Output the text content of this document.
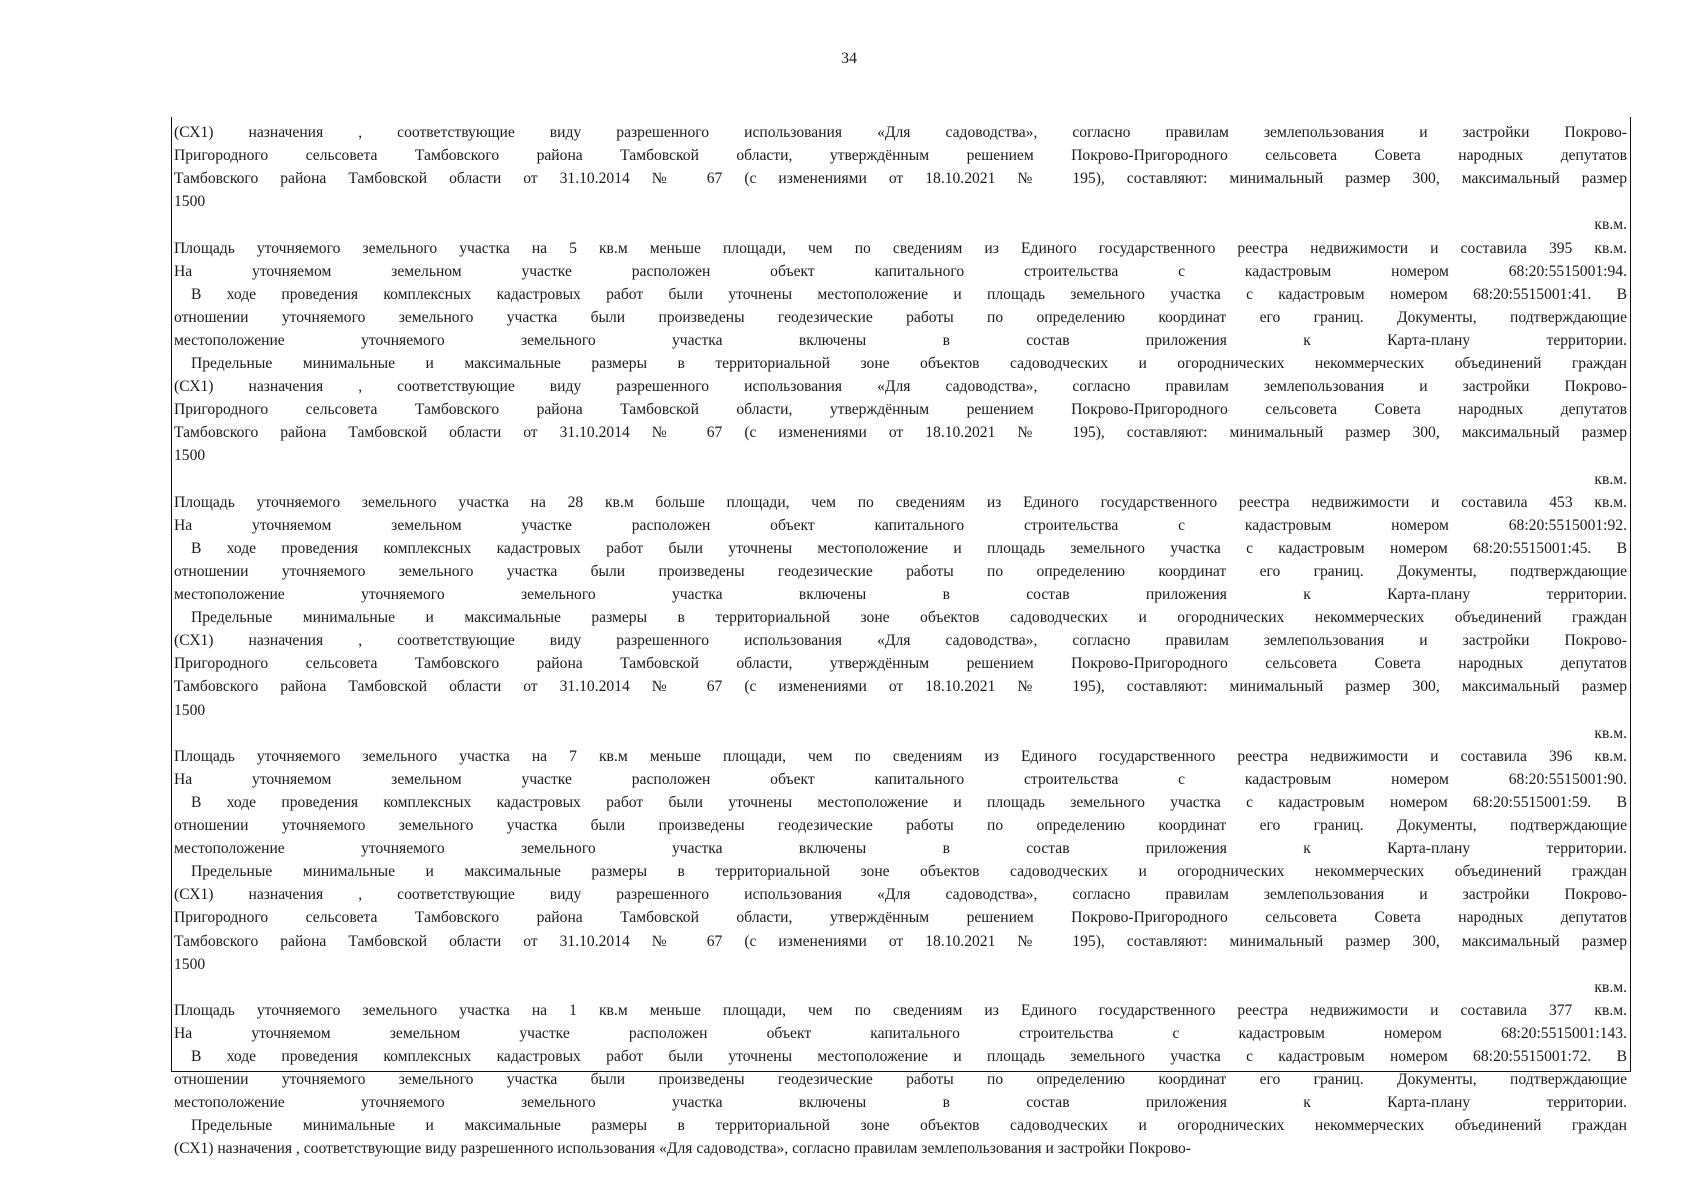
34
(СХ1) назначения , соответствующие виду разрешенного использования «Для садоводства», согласно правилам землепользования и застройки Покрово-
Пригородного сельсовета Тамбовского района Тамбовской области, утверждённым решением Покрово-Пригородного сельсовета Совета народных депутатов
Тамбовского района Тамбовской области от 31.10.2014 № 67 (с изменениями от 18.10.2021 № 195), составляют: минимальный размер 300, максимальный размер
1500
кв.м.
Площадь уточняемого земельного участка на 5 кв.м меньше площади, чем по сведениям из Единого государственного реестра недвижимости и составила 395 кв.м.
На уточняемом земельном участке расположен объект капитального строительства с кадастровым номером 68:20:5515001:94.
В ходе проведения комплексных кадастровых работ были уточнены местоположение и площадь земельного участка с кадастровым номером 68:20:5515001:41. В
отношении уточняемого земельного участка были произведены геодезические работы по определению координат его границ. Документы, подтверждающие
местоположение уточняемого земельного участка включены в состав приложения к Карта-плану территории.
Предельные минимальные и максимальные размеры в территориальной зоне объектов садоводческих и огороднических некоммерческих объединений граждан
(СХ1) назначения , соответствующие виду разрешенного использования «Для садоводства», согласно правилам землепользования и застройки Покрово-
Пригородного сельсовета Тамбовского района Тамбовской области, утверждённым решением Покрово-Пригородного сельсовета Совета народных депутатов
Тамбовского района Тамбовской области от 31.10.2014 № 67 (с изменениями от 18.10.2021 № 195), составляют: минимальный размер 300, максимальный размер
1500
кв.м.
Площадь уточняемого земельного участка на 28 кв.м больше площади, чем по сведениям из Единого государственного реестра недвижимости и составила 453 кв.м.
На уточняемом земельном участке расположен объект капитального строительства с кадастровым номером 68:20:5515001:92.
В ходе проведения комплексных кадастровых работ были уточнены местоположение и площадь земельного участка с кадастровым номером 68:20:5515001:45. В
отношении уточняемого земельного участка были произведены геодезические работы по определению координат его границ. Документы, подтверждающие
местоположение уточняемого земельного участка включены в состав приложения к Карта-плану территории.
Предельные минимальные и максимальные размеры в территориальной зоне объектов садоводческих и огороднических некоммерческих объединений граждан
(СХ1) назначения , соответствующие виду разрешенного использования «Для садоводства», согласно правилам землепользования и застройки Покрово-
Пригородного сельсовета Тамбовского района Тамбовской области, утверждённым решением Покрово-Пригородного сельсовета Совета народных депутатов
Тамбовского района Тамбовской области от 31.10.2014 № 67 (с изменениями от 18.10.2021 № 195), составляют: минимальный размер 300, максимальный размер
1500
кв.м.
Площадь уточняемого земельного участка на 7 кв.м меньше площади, чем по сведениям из Единого государственного реестра недвижимости и составила 396 кв.м.
На уточняемом земельном участке расположен объект капитального строительства с кадастровым номером 68:20:5515001:90.
В ходе проведения комплексных кадастровых работ были уточнены местоположение и площадь земельного участка с кадастровым номером 68:20:5515001:59. В
отношении уточняемого земельного участка были произведены геодезические работы по определению координат его границ. Документы, подтверждающие
местоположение уточняемого земельного участка включены в состав приложения к Карта-плану территории.
Предельные минимальные и максимальные размеры в территориальной зоне объектов садоводческих и огороднических некоммерческих объединений граждан
(СХ1) назначения , соответствующие виду разрешенного использования «Для садоводства», согласно правилам землепользования и застройки Покрово-
Пригородного сельсовета Тамбовского района Тамбовской области, утверждённым решением Покрово-Пригородного сельсовета Совета народных депутатов
Тамбовского района Тамбовской области от 31.10.2014 № 67 (с изменениями от 18.10.2021 № 195), составляют: минимальный размер 300, максимальный размер
1500
кв.м.
Площадь уточняемого земельного участка на 1 кв.м меньше площади, чем по сведениям из Единого государственного реестра недвижимости и составила 377 кв.м.
На уточняемом земельном участке расположен объект капитального строительства с кадастровым номером 68:20:5515001:143.
В ходе проведения комплексных кадастровых работ были уточнены местоположение и площадь земельного участка с кадастровым номером 68:20:5515001:72. В
отношении уточняемого земельного участка были произведены геодезические работы по определению координат его границ. Документы, подтверждающие
местоположение уточняемого земельного участка включены в состав приложения к Карта-плану территории.
Предельные минимальные и максимальные размеры в территориальной зоне объектов садоводческих и огороднических некоммерческих объединений граждан
(СХ1) назначения , соответствующие виду разрешенного использования «Для садоводства», согласно правилам землепользования и застройки Покрово-
